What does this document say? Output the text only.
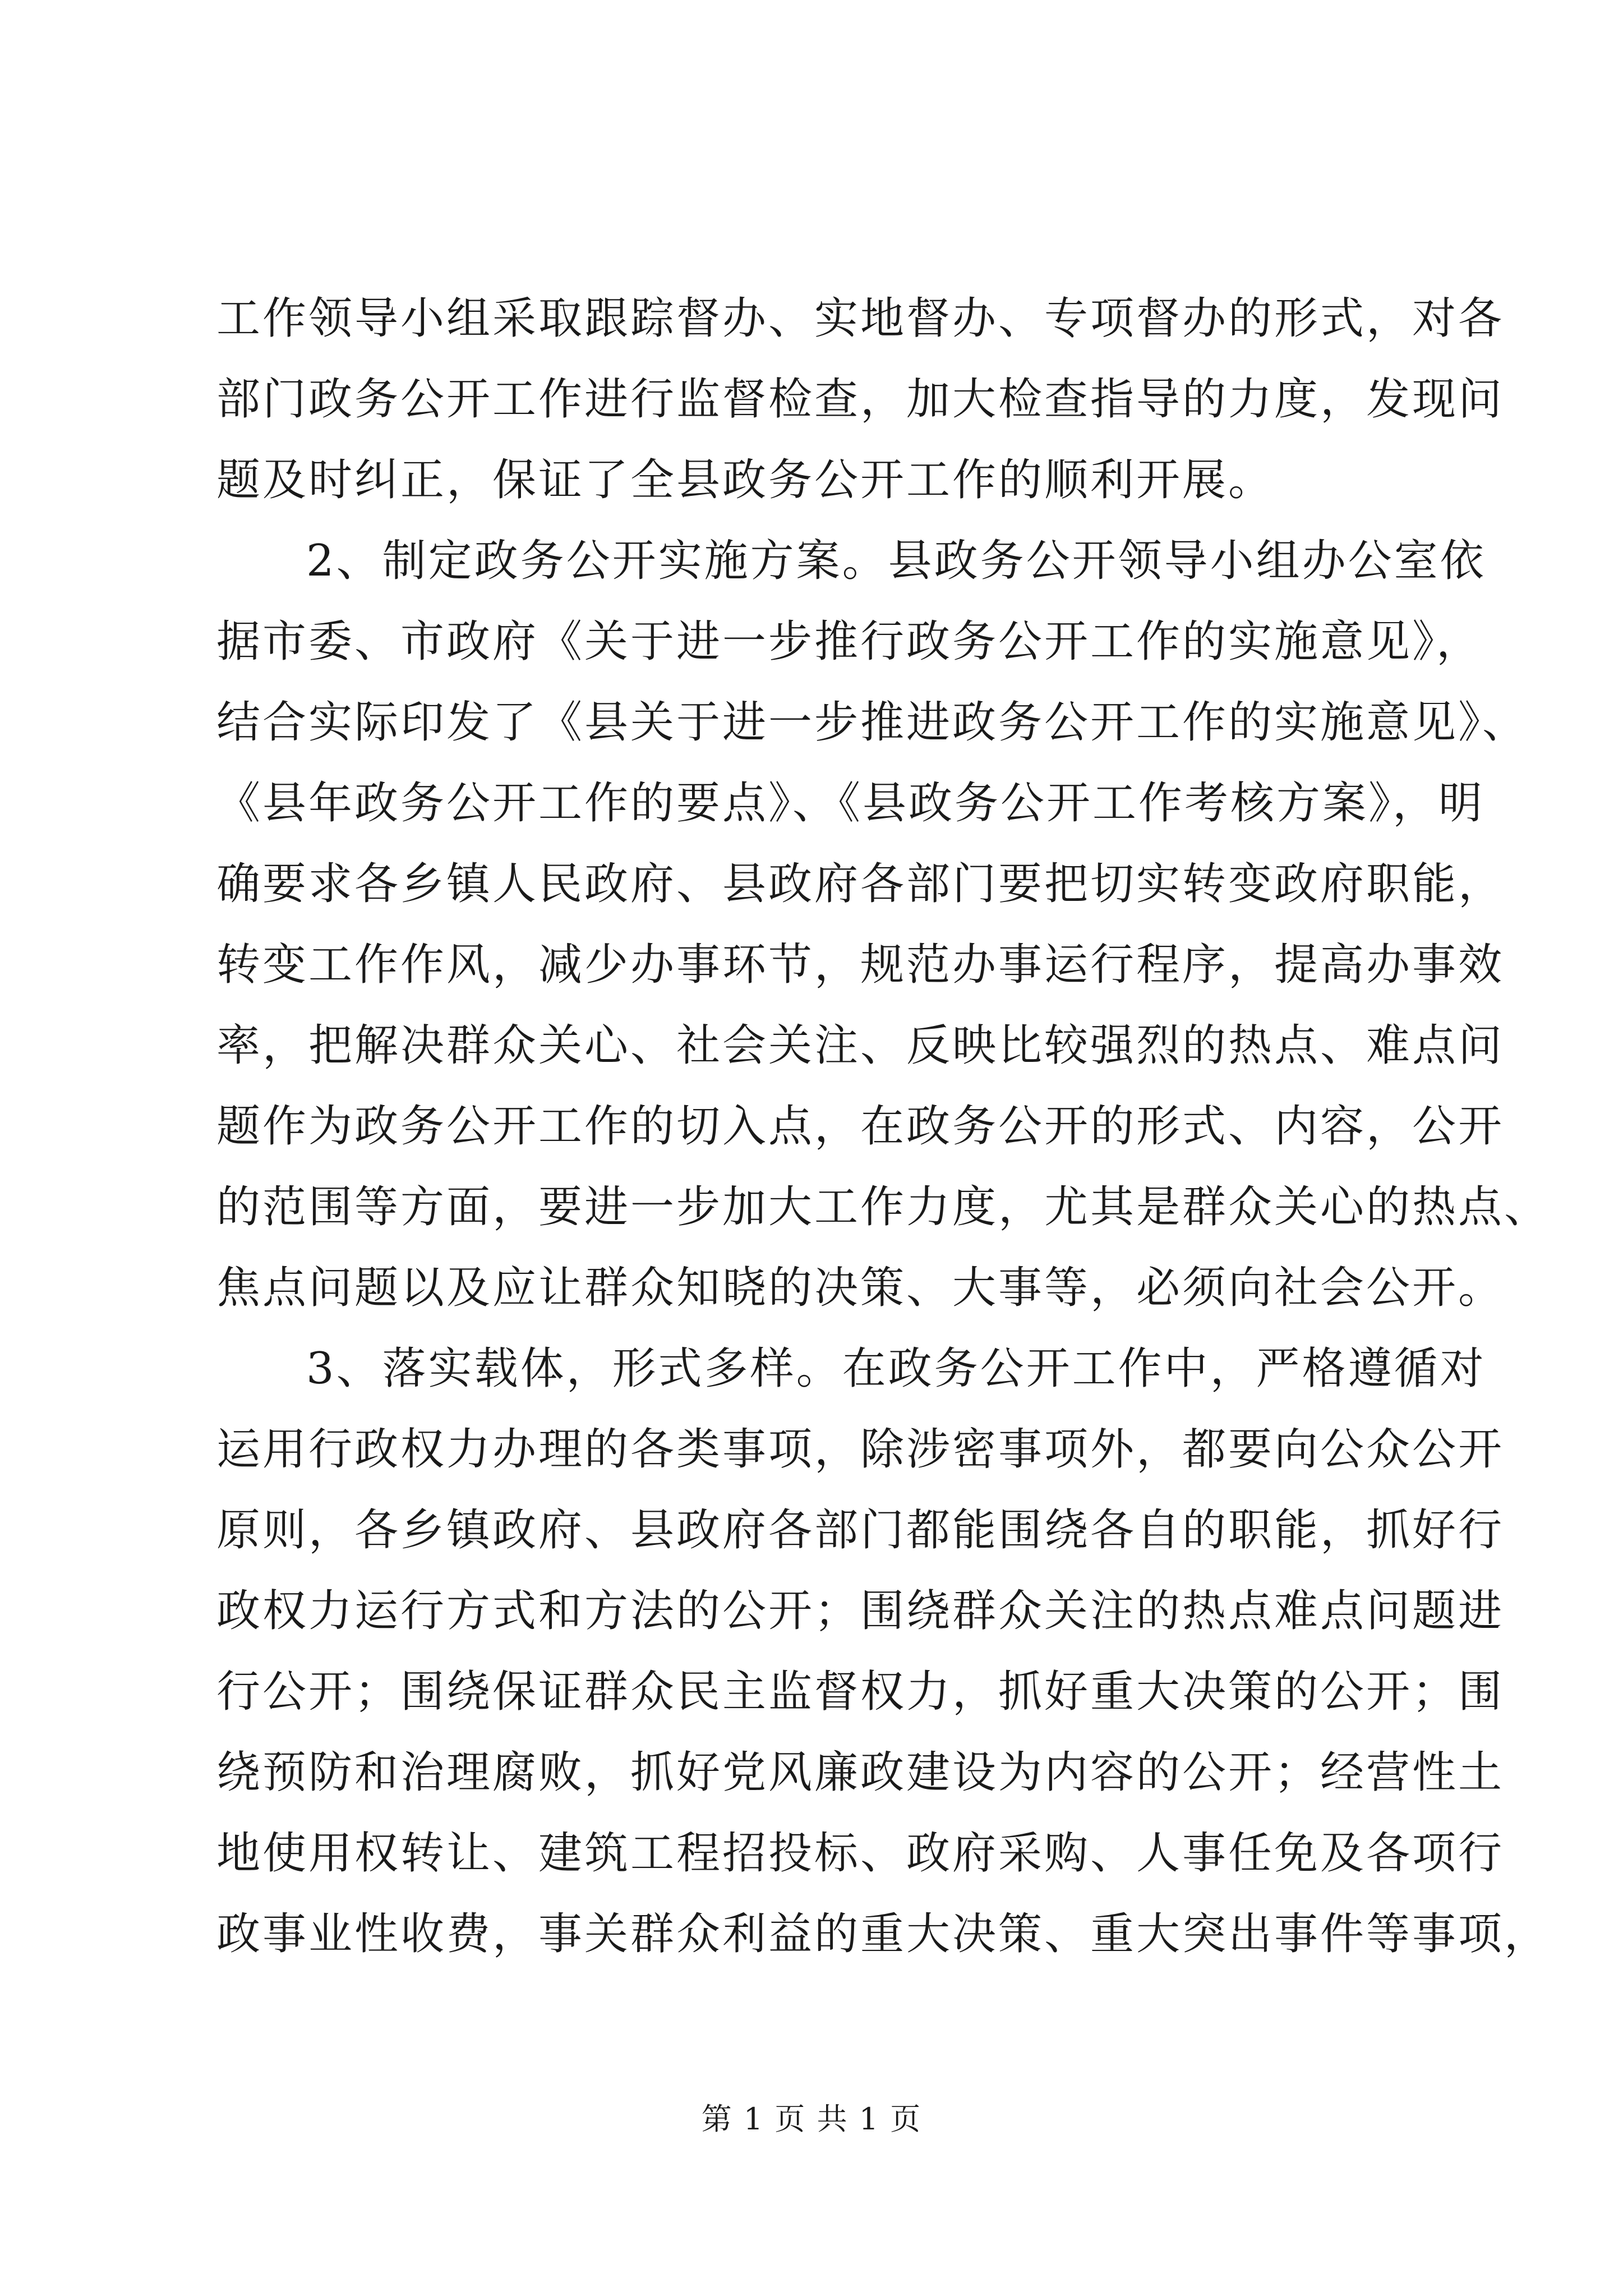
工作领导小组采取跟踪督办、实地督办、专项督办的形式，对各
部门政务公开工作进行监督检查，加大检查指导的力度，发现问
题及时纠正，保证了全县政务公开工作的顺利开展。
2、制定政务公开实施方案。县政务公开领导小组办公室依
据市委、市政府《关于进一步推行政务公开工作的实施意见》，
结合实际印发了《县关于进一步推进政务公开工作的实施意见》、
《县年政务公开工作的要点》、《县政务公开工作考核方案》，明
确要求各乡镇人民政府、县政府各部门要把切实转变政府职能，
转变工作作风，减少办事环节，规范办事运行程序，提高办事效
率，把解决群众关心、社会关注、反映比较强烈的热点、难点问
题作为政务公开工作的切入点，在政务公开的形式、内容，公开
的范围等方面，要进一步加大工作力度，尤其是群众关心的热点、
焦点问题以及应让群众知晓的决策、大事等，必须向社会公开。
3、落实载体，形式多样。在政务公开工作中，严格遵循对
运用行政权力办理的各类事项，除涉密事项外，都要向公众公开
原则，各乡镇政府、县政府各部门都能围绕各自的职能，抓好行
政权力运行方式和方法的公开；围绕群众关注的热点难点问题进
行公开；围绕保证群众民主监督权力，抓好重大决策的公开；围
绕预防和治理腐败，抓好党风廉政建设为内容的公开；经营性土
地使用权转让、建筑工程招投标、政府采购、人事任免及各项行
政事业性收费，事关群众利益的重大决策、重大突出事件等事项，
第 1 页 共 1 页
